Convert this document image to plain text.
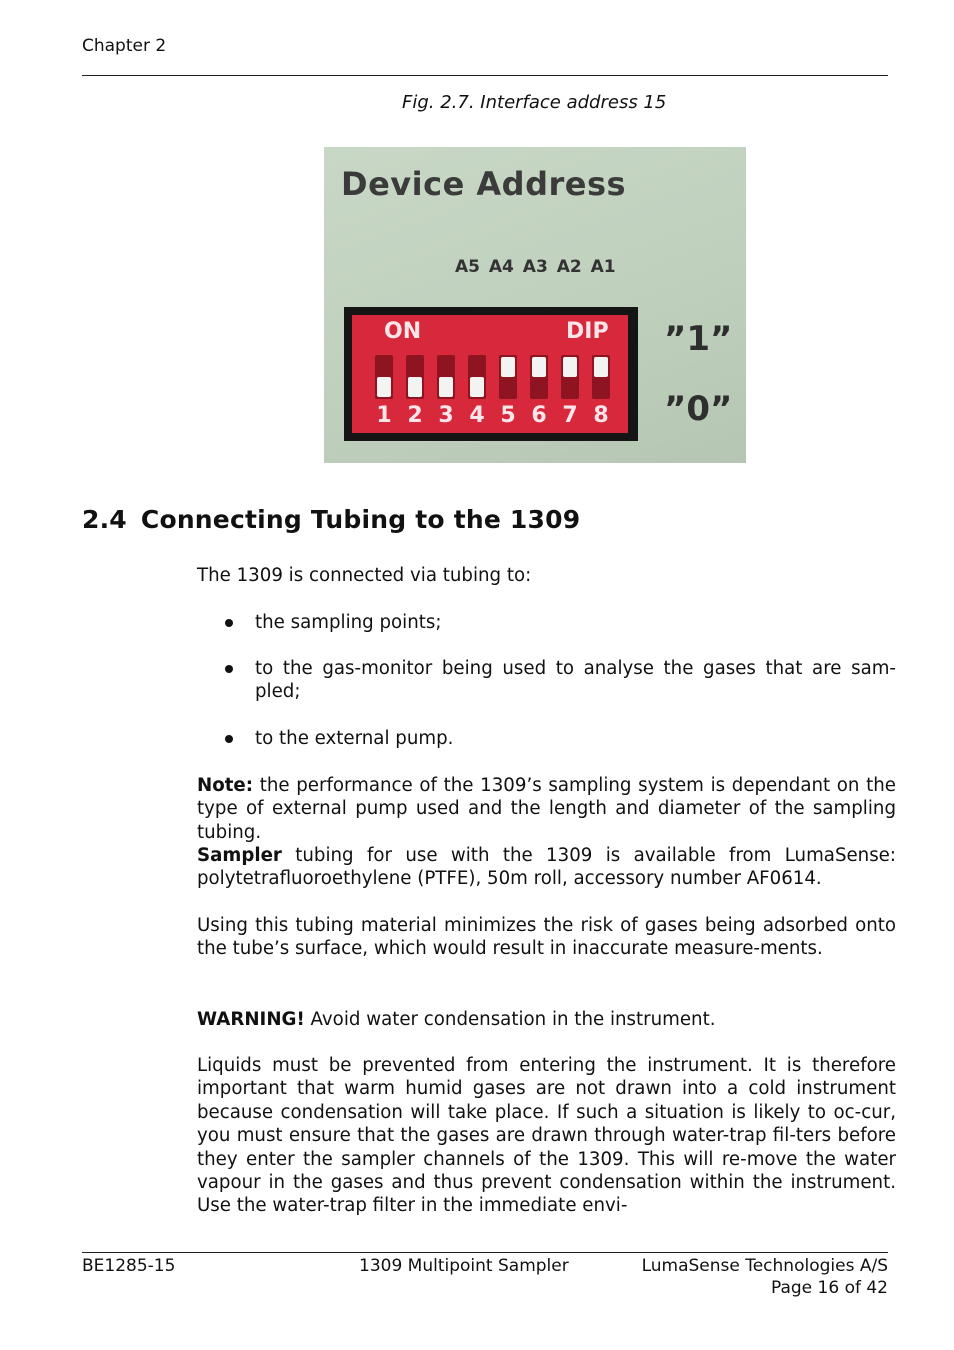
Chapter 2
Fig. 2.7. Interface address 15
Device Address
A5 A4 A3 A2 A1
ON	DIP
1 2 3 4 5 6 7 8
”1”
”0”
2.4 Connecting Tubing to the 1309
The 1309 is connected via tubing to:
the sampling points;
to the gas-monitor being used to analyse the gases that are sam-pled;
to the external pump.
Note: the performance of the 1309’s sampling system is dependant on the type of external pump used and the length and diameter of the sampling tubing.
Sampler tubing for use with the 1309 is available from LumaSense: polytetrafluoroethylene (PTFE), 50m roll, accessory number AF0614.
Using this tubing material minimizes the risk of gases being adsorbed onto the tube’s surface, which would result in inaccurate measure-ments.
WARNING! Avoid water condensation in the instrument.
Liquids must be prevented from entering the instrument. It is therefore important that warm humid gases are not drawn into a cold instrument because condensation will take place. If such a situation is likely to oc-cur, you must ensure that the gases are drawn through water-trap fil-ters before they enter the sampler channels of the 1309. This will re-move the water vapour in the gases and thus prevent condensation within the instrument. Use the water-trap filter in the immediate envi-
BE1285-15	1309 Multipoint Sampler	LumaSense Technologies A/S
Page 16 of 42
